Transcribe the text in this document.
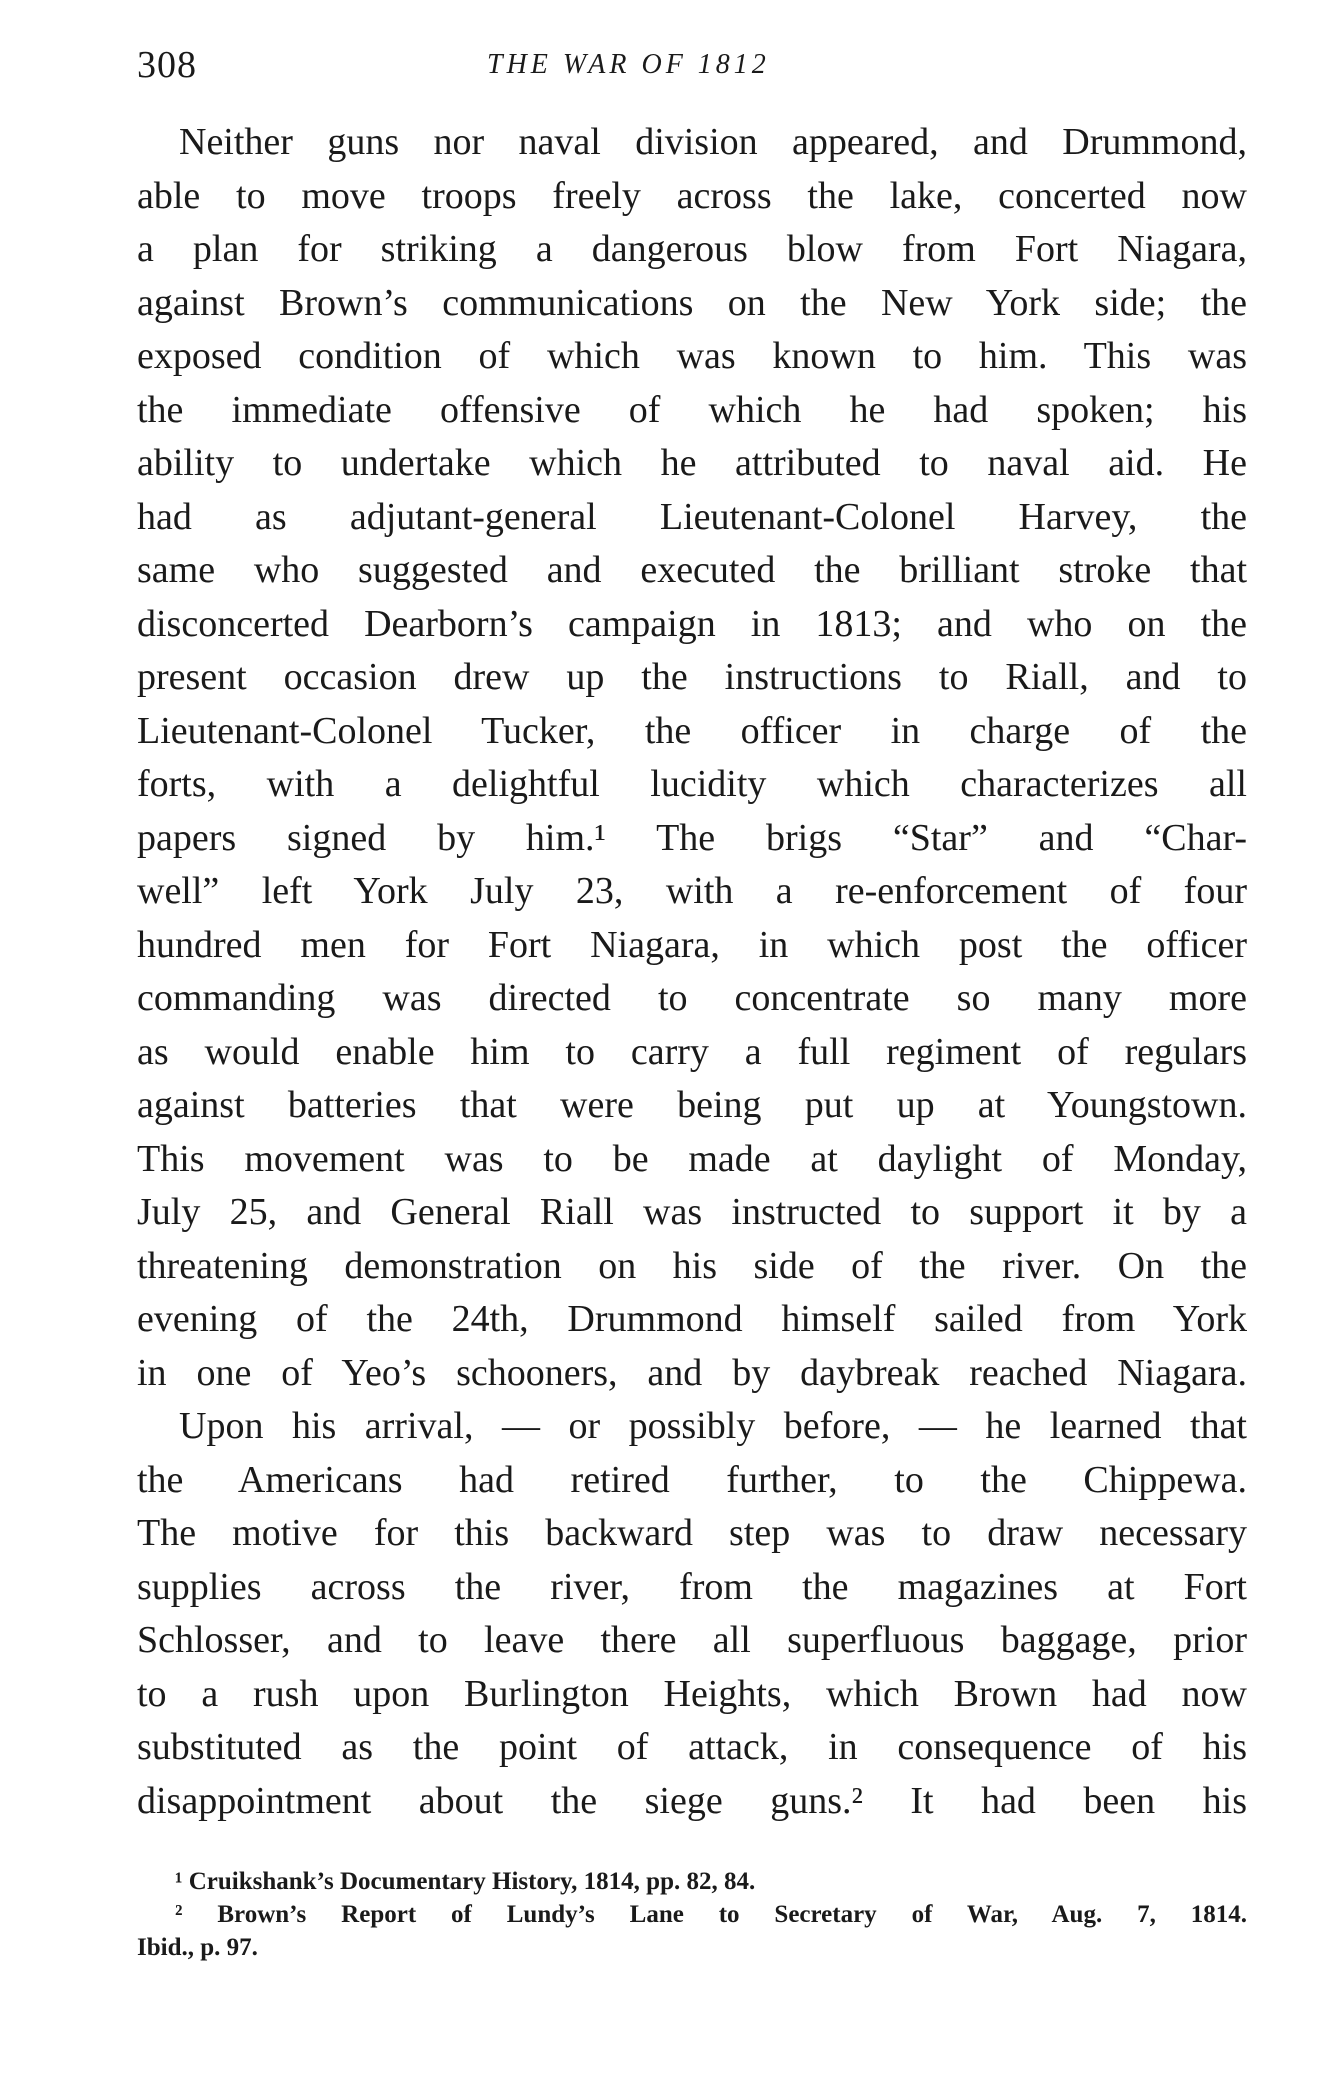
308	THE WAR OF 1812
Neither guns nor naval division appeared, and Drummond,
able to move troops freely across the lake, concerted now
a plan for striking a dangerous blow from Fort Niagara,
against Brown’s communications on the New York side; the
exposed condition of which was known to him. This was
the immediate offensive of which he had spoken; his
ability to undertake which he attributed to naval aid. He
had as adjutant-general Lieutenant-Colonel Harvey, the
same who suggested and executed the brilliant stroke that
disconcerted Dearborn’s campaign in 1813; and who on the
present occasion drew up the instructions to Riall, and to
Lieutenant-Colonel Tucker, the officer in charge of the
forts, with a delightful lucidity which characterizes all
papers signed by him.¹ The brigs “Star” and “Char-
well” left York July 23, with a re-enforcement of four
hundred men for Fort Niagara, in which post the officer
commanding was directed to concentrate so many more
as would enable him to carry a full regiment of regulars
against batteries that were being put up at Youngstown.
This movement was to be made at daylight of Monday,
July 25, and General Riall was instructed to support it by a
threatening demonstration on his side of the river. On the
evening of the 24th, Drummond himself sailed from York
in one of Yeo’s schooners, and by daybreak reached Niagara.
Upon his arrival, — or possibly before, — he learned that
the Americans had retired further, to the Chippewa.
The motive for this backward step was to draw necessary
supplies across the river, from the magazines at Fort
Schlosser, and to leave there all superfluous baggage, prior
to a rush upon Burlington Heights, which Brown had now
substituted as the point of attack, in consequence of his
disappointment about the siege guns.² It had been his
¹ Cruikshank’s Documentary History, 1814, pp. 82, 84.
² Brown’s Report of Lundy’s Lane to Secretary of War, Aug. 7, 1814.
Ibid., p. 97.
